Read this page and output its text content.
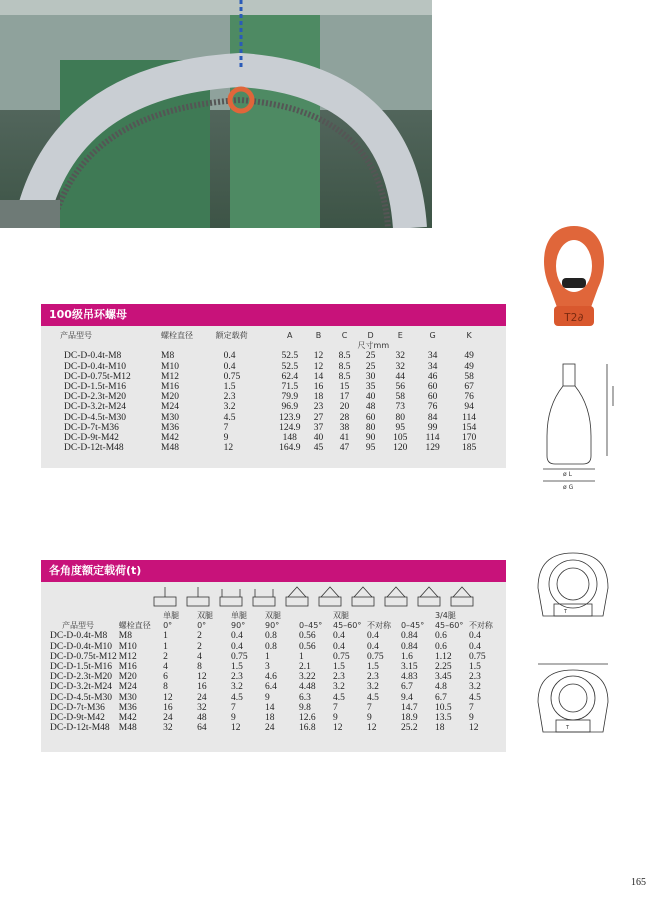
T2∂
100级吊环螺母
产品型号	螺栓直径	额定载荷	A	B	C	D	E	G	K
						尺寸mm			
DC-D-0.4t-M8	M8	0.4	52.5	12	8.5	25	32	34	49
DC-D-0.4t-M10	M10	0.4	52.5	12	8.5	25	32	34	49
DC-D-0.75t-M12	M12	0.75	62.4	14	8.5	30	44	46	58
DC-D-1.5t-M16	M16	1.5	71.5	16	15	35	56	60	67
DC-D-2.3t-M20	M20	2.3	79.9	18	17	40	58	60	76
DC-D-3.2t-M24	M24	3.2	96.9	23	20	48	73	76	94
DC-D-4.5t-M30	M30	4.5	123.9	27	28	60	80	84	114
DC-D-7t-M36	M36	7	124.9	37	38	80	95	99	154
DC-D-9t-M42	M42	9	148	40	41	90	105	114	170
DC-D-12t-M48	M48	12	164.9	45	47	95	120	129	185
ø L
ø G
各角度额定载荷(t)
		单腿	双腿	单腿	双腿		双腿			3/4腿	
产品型号	螺栓直径	0°	0°	90°	90°	0–45°	45–60°	不对称	0–45°	45–60°	不对称
DC-D-0.4t-M8	M8	1	2	0.4	0.8	0.56	0.4	0.4	0.84	0.6	0.4
DC-D-0.4t-M10	M10	1	2	0.4	0.8	0.56	0.4	0.4	0.84	0.6	0.4
DC-D-0.75t-M12	M12	2	4	0.75	1	1	0.75	0.75	1.6	1.12	0.75
DC-D-1.5t-M16	M16	4	8	1.5	3	2.1	1.5	1.5	3.15	2.25	1.5
DC-D-2.3t-M20	M20	6	12	2.3	4.6	3.22	2.3	2.3	4.83	3.45	2.3
DC-D-3.2t-M24	M24	8	16	3.2	6.4	4.48	3.2	3.2	6.7	4.8	3.2
DC-D-4.5t-M30	M30	12	24	4.5	9	6.3	4.5	4.5	9.4	6.7	4.5
DC-D-7t-M36	M36	16	32	7	14	9.8	7	7	14.7	10.5	7
DC-D-9t-M42	M42	24	48	9	18	12.6	9	9	18.9	13.5	9
DC-D-12t-M48	M48	32	64	12	24	16.8	12	12	25.2	18	12
T
T
165
